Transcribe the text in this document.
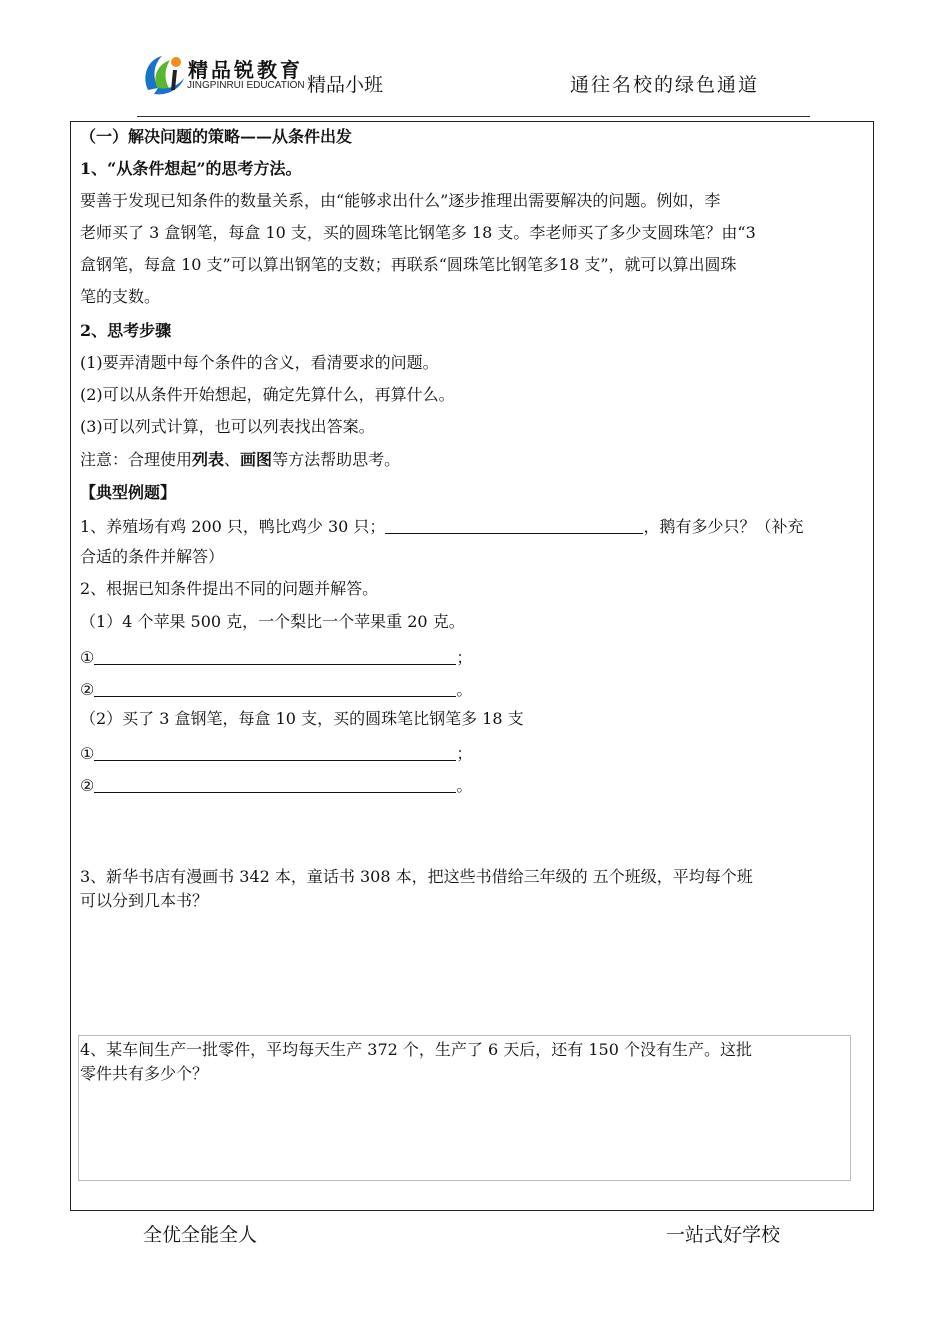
精品锐教育
JINGPINRUI EDUCATION 精品小班	通往名校的绿色通道
（一）解决问题的策略——从条件出发
1、“从条件想起”的思考方法。
要善于发现已知条件的数量关系，由“能够求出什么”逐步推理出需要解决的问题。例如，李
老师买了 3 盒钢笔，每盒 10 支，买的圆珠笔比钢笔多 18 支。李老师买了多少支圆珠笔？由“3
盒钢笔，每盒 10 支”可以算出钢笔的支数；再联系“圆珠笔比钢笔多18 支”，就可以算出圆珠
笔的支数。
2、思考步骤
(1)要弄清题中每个条件的含义，看清要求的问题。
(2)可以从条件开始想起，确定先算什么，再算什么。
(3)可以列式计算，也可以列表找出答案。
注意：合理使用列表、画图等方法帮助思考。
【典型例题】
1、养殖场有鸡 200 只，鸭比鸡少 30 只；	，鹅有多少只？（补充
合适的条件并解答）
2、根据已知条件提出不同的问题并解答。
（1）4 个苹果 500 克，一个梨比一个苹果重 20 克。
①	；
②	。
（2）买了 3 盒钢笔，每盒 10 支，买的圆珠笔比钢笔多 18 支
①	；
②	。
3、新华书店有漫画书 342 本，童话书 308 本，把这些书借给三年级的 五个班级，平均每个班
可以分到几本书？
4、某车间生产一批零件，平均每天生产 372 个，生产了 6 天后，还有 150 个没有生产。这批
零件共有多少个？
全优全能全人	一站式好学校
